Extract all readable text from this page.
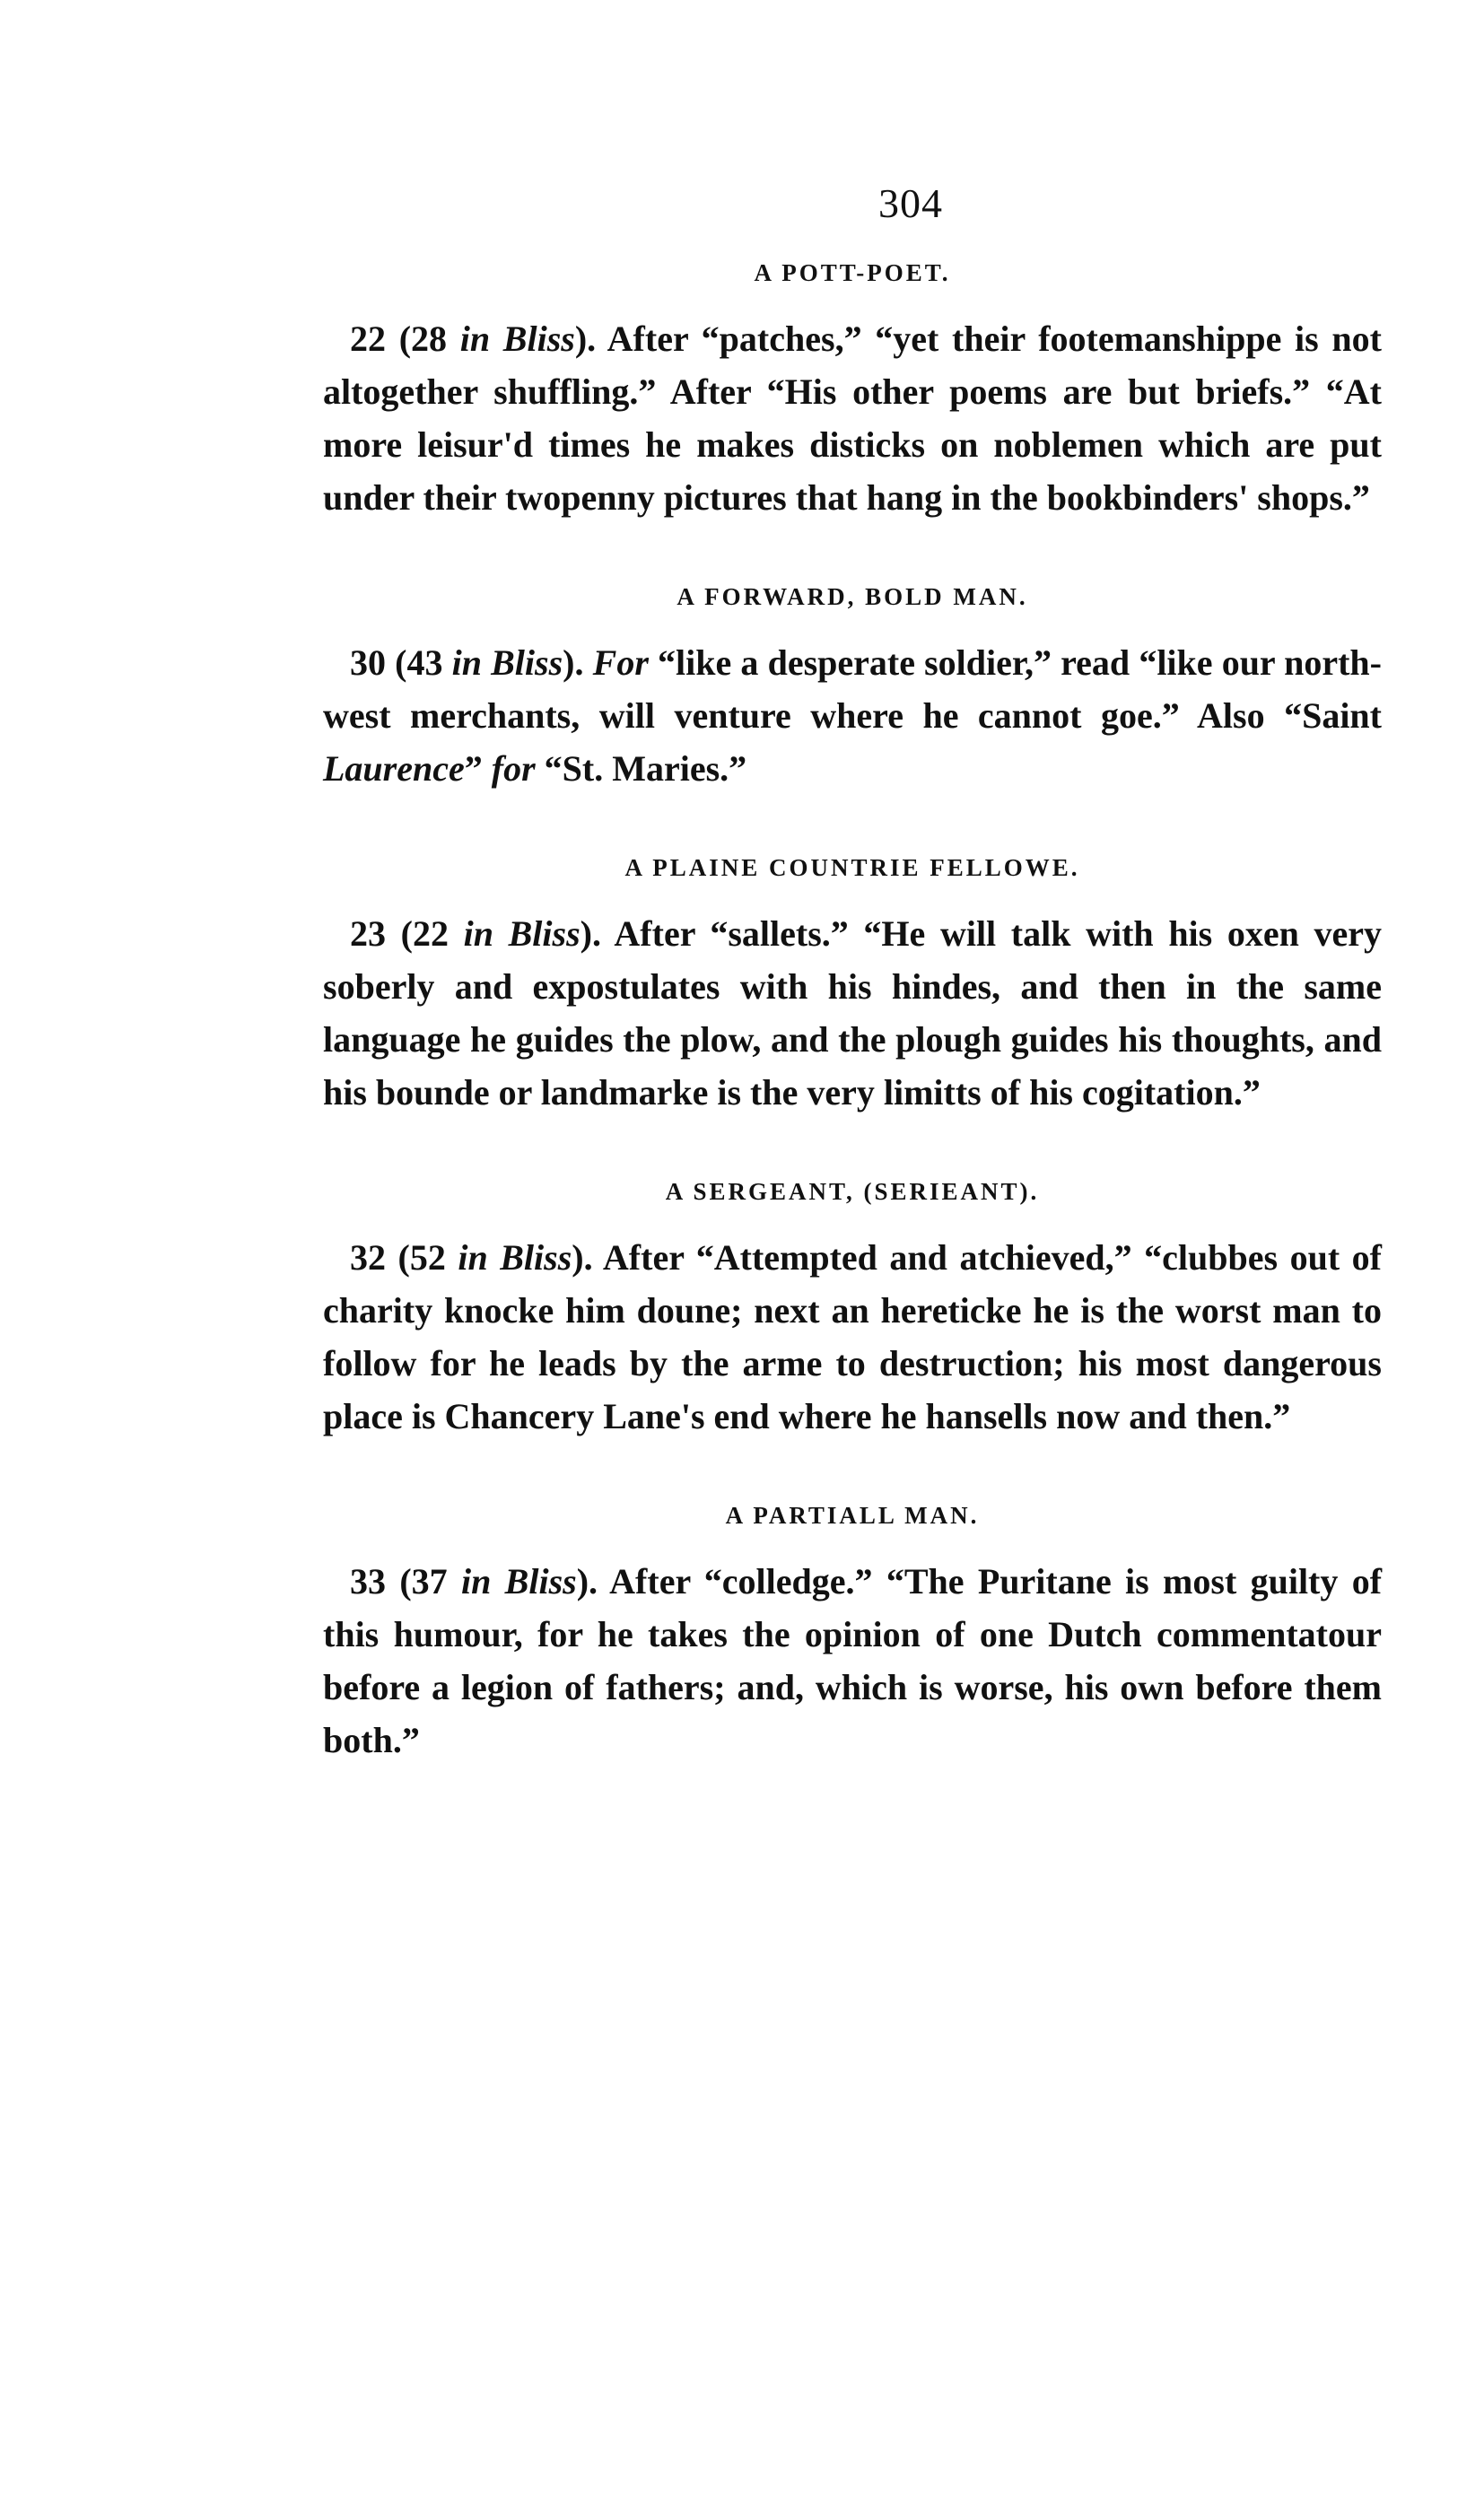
304
A POTT-POET.

22 (28 in Bliss). After “patches,” “yet their footemanshippe is not altogether shuffling.” After “His other poems are but briefs.” “At more leisur'd times he makes disticks on noblemen which are put under their twopenny pictures that hang in the bookbinders' shops.”

A FORWARD, BOLD MAN.

30 (43 in Bliss). For “like a desperate soldier,” read “like our north-west merchants, will venture where he cannot goe.” Also “Saint Laurence” for “St. Maries.”

A PLAINE COUNTRIE FELLOWE.

23 (22 in Bliss). After “sallets.” “He will talk with his oxen very soberly and expostulates with his hindes, and then in the same language he guides the plow, and the plough guides his thoughts, and his bounde or landmarke is the very limitts of his cogitation.”

A SERGEANT, (SERIEANT).

32 (52 in Bliss). After “Attempted and atchieved,” “clubbes out of charity knocke him doune; next an hereticke he is the worst man to follow for he leads by the arme to destruction; his most dangerous place is Chancery Lane's end where he hansells now and then.”

A PARTIALL MAN.

33 (37 in Bliss). After “colledge.” “The Puritane is most guilty of this humour, for he takes the opinion of one Dutch commentatour before a legion of fathers; and, which is worse, his own before them both.”
